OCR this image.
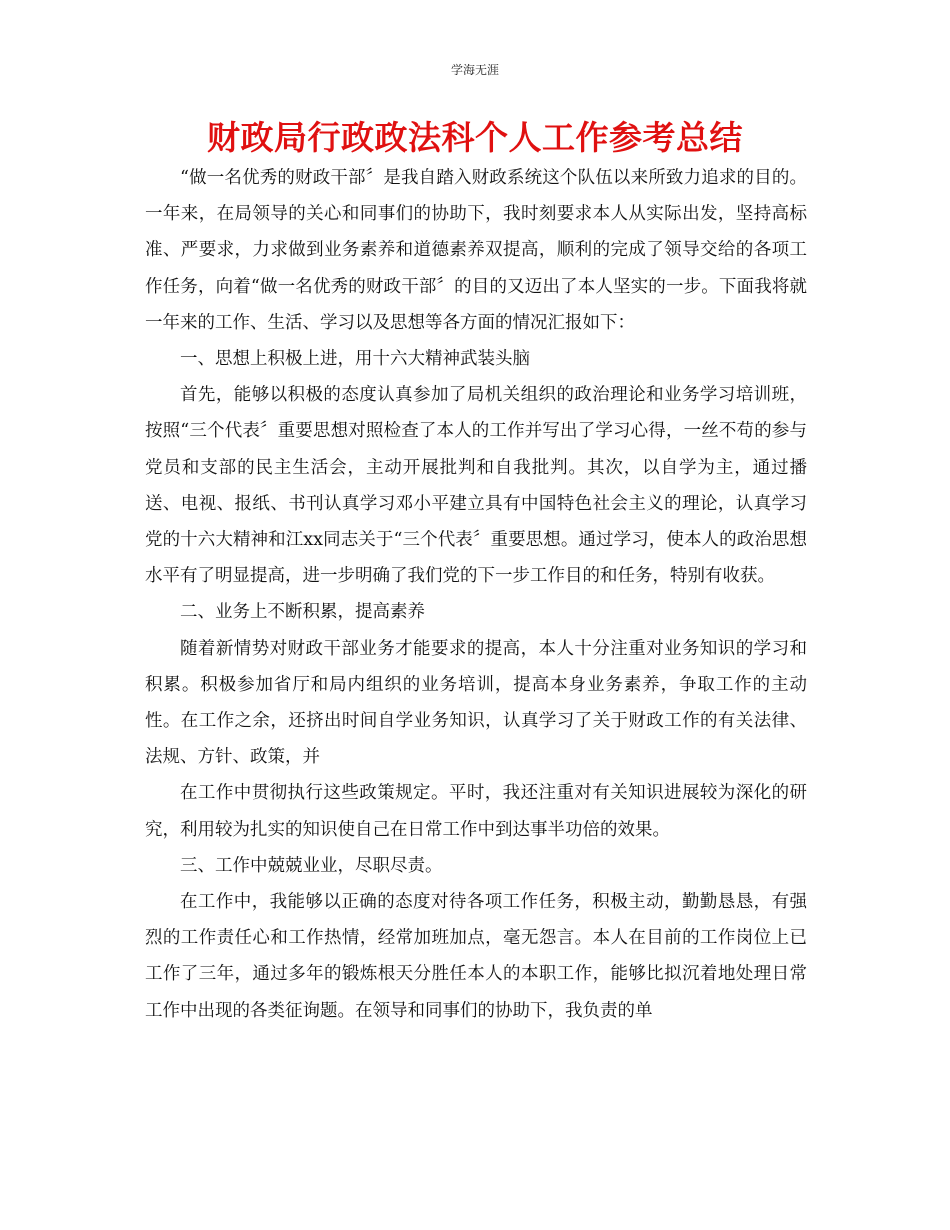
学海无涯
财政局行政政法科个人工作参考总结

“做一名优秀的财政干部〞是我自踏入财政系统这个队伍以来所致力追求的目的。一年来，在局领导的关心和同事们的协助下，我时刻要求本人从实际出发，坚持高标准、严要求，力求做到业务素养和道德素养双提高，顺利的完成了领导交给的各项工作任务，向着“做一名优秀的财政干部〞的目的又迈出了本人坚实的一步。下面我将就一年来的工作、生活、学习以及思想等各方面的情况汇报如下：

一、思想上积极上进，用十六大精神武装头脑

首先，能够以积极的态度认真参加了局机关组织的政治理论和业务学习培训班，按照“三个代表〞重要思想对照检查了本人的工作并写出了学习心得，一丝不苟的参与党员和支部的民主生活会，主动开展批判和自我批判。其次，以自学为主，通过播送、电视、报纸、书刊认真学习邓小平建立具有中国特色社会主义的理论，认真学习党的十六大精神和江xx同志关于“三个代表〞重要思想。通过学习，使本人的政治思想水平有了明显提高，进一步明确了我们党的下一步工作目的和任务，特别有收获。

二、业务上不断积累，提高素养

随着新情势对财政干部业务才能要求的提高，本人十分注重对业务知识的学习和积累。积极参加省厅和局内组织的业务培训，提高本身业务素养，争取工作的主动性。在工作之余，还挤出时间自学业务知识，认真学习了关于财政工作的有关法律、法规、方针、政策，并

在工作中贯彻执行这些政策规定。平时，我还注重对有关知识进展较为深化的研究，利用较为扎实的知识使自己在日常工作中到达事半功倍的效果。

三、工作中兢兢业业，尽职尽责。

在工作中，我能够以正确的态度对待各项工作任务，积极主动，勤勤恳恳，有强烈的工作责任心和工作热情，经常加班加点，毫无怨言。本人在目前的工作岗位上已工作了三年，通过多年的锻炼根天分胜任本人的本职工作，能够比拟沉着地处理日常工作中出现的各类征询题。在领导和同事们的协助下，我负责的单
